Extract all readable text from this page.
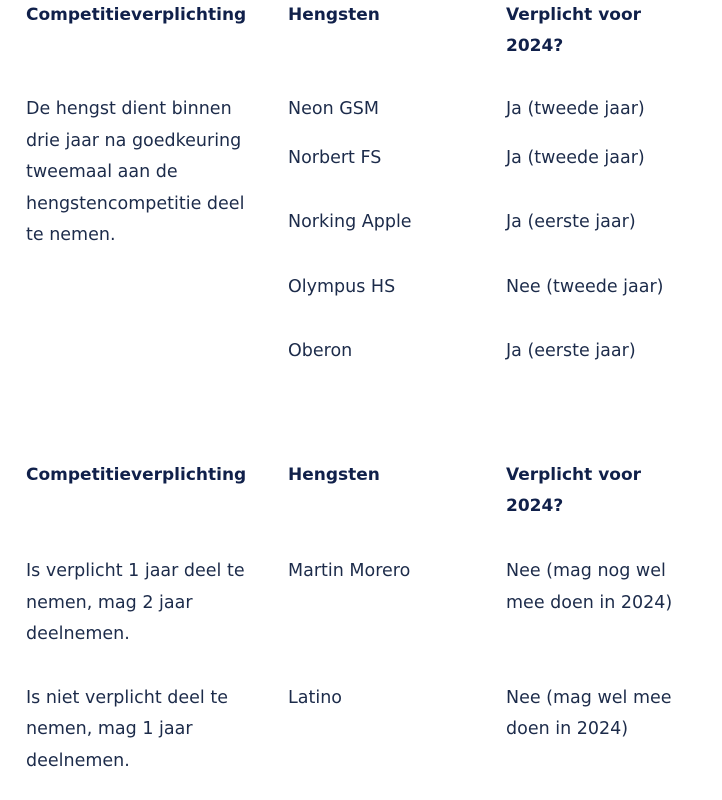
Competitieverplichting	Hengsten	Verplicht voor 2024?
De hengst dient binnen drie jaar na goedkeuring tweemaal aan de hengstencompetitie deel te nemen.	Neon GSM	Ja (tweede jaar)
	Norbert FS	Ja (tweede jaar)
	Norking Apple	Ja (eerste jaar)
	Olympus HS	Nee (tweede jaar)
	Oberon	Ja (eerste jaar)
Competitieverplichting	Hengsten	Verplicht voor 2024?
Is verplicht 1 jaar deel te nemen, mag 2 jaar deelnemen.	Martin Morero	Nee (mag nog wel mee doen in 2024)
Is niet verplicht deel te nemen, mag 1 jaar deelnemen.	Latino	Nee (mag wel mee doen in 2024)
